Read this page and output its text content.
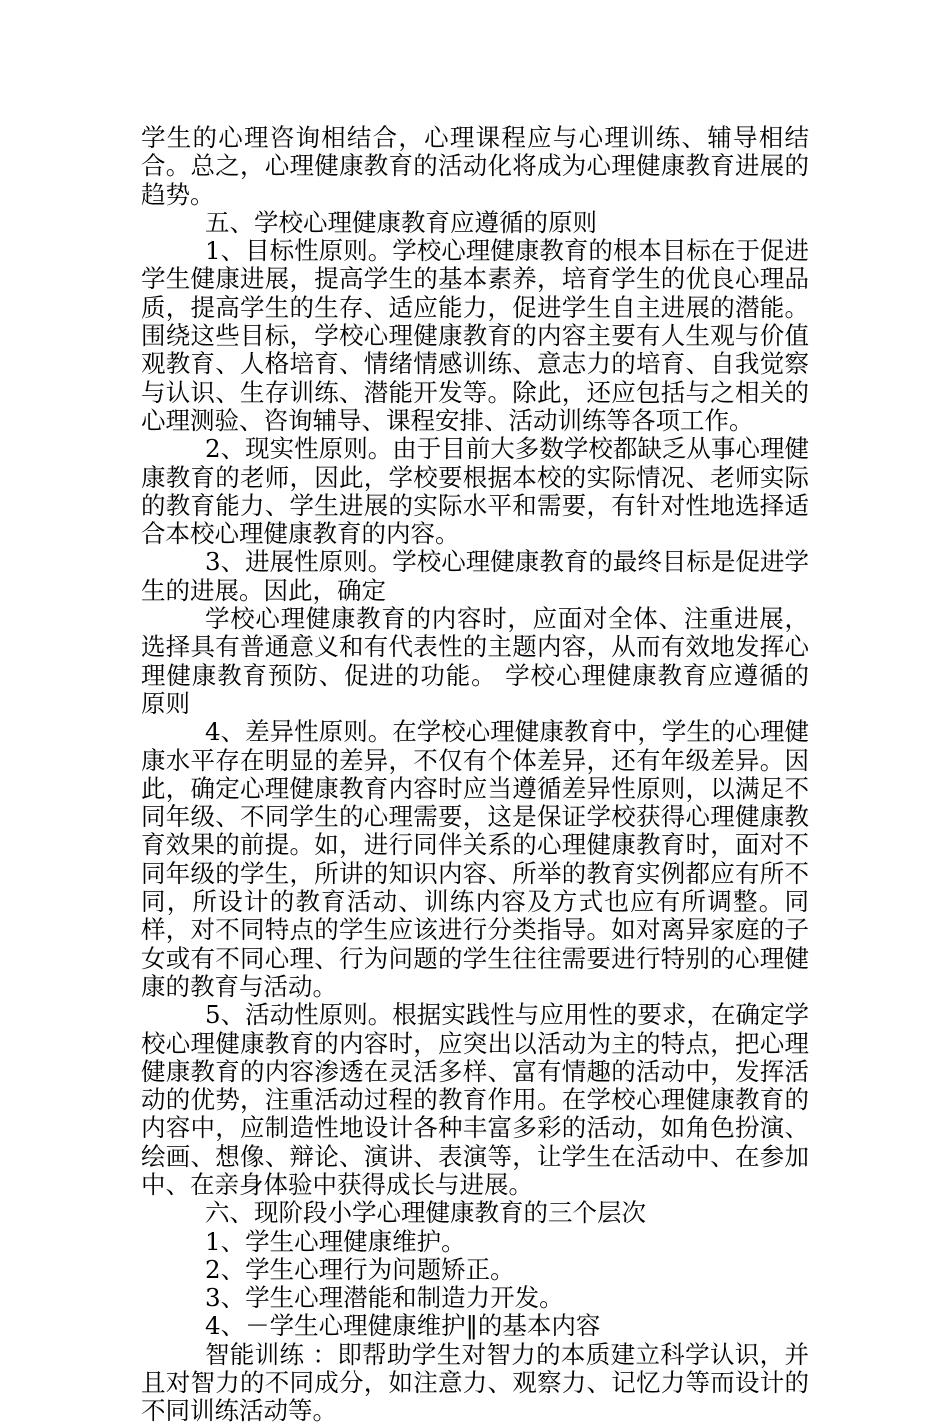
学生的心理咨询相结合，心理课程应与心理训练、辅导相结合。总之，心理健康教育的活动化将成为心理健康教育进展的趋势。

五、学校心理健康教育应遵循的原则

1、目标性原则。学校心理健康教育的根本目标在于促进学生健康进展，提高学生的基本素养，培育学生的优良心理品质，提高学生的生存、适应能力，促进学生自主进展的潜能。围绕这些目标，学校心理健康教育的内容主要有人生观与价值观教育、人格培育、情绪情感训练、意志力的培育、自我觉察与认识、生存训练、潜能开发等。除此，还应包括与之相关的心理测验、咨询辅导、课程安排、活动训练等各项工作。

2、现实性原则。由于目前大多数学校都缺乏从事心理健康教育的老师，因此，学校要根据本校的实际情况、老师实际的教育能力、学生进展的实际水平和需要，有针对性地选择适合本校心理健康教育的内容。

3、进展性原则。学校心理健康教育的最终目标是促进学生的进展。因此，确定

学校心理健康教育的内容时，应面对全体、注重进展，选择具有普通意义和有代表性的主题内容，从而有效地发挥心理健康教育预防、促进的功能。 学校心理健康教育应遵循的原则

4、差异性原则。在学校心理健康教育中，学生的心理健康水平存在明显的差异，不仅有个体差异，还有年级差异。因此，确定心理健康教育内容时应当遵循差异性原则，以满足不同年级、不同学生的心理需要，这是保证学校获得心理健康教育效果的前提。如，进行同伴关系的心理健康教育时，面对不同年级的学生，所讲的知识内容、所举的教育实例都应有所不同，所设计的教育活动、训练内容及方式也应有所调整。同样，对不同特点的学生应该进行分类指导。如对离异家庭的子女或有不同心理、行为问题的学生往往需要进行特别的心理健康的教育与活动。

5、活动性原则。根据实践性与应用性的要求，在确定学校心理健康教育的内容时，应突出以活动为主的特点，把心理健康教育的内容渗透在灵活多样、富有情趣的活动中，发挥活动的优势，注重活动过程的教育作用。在学校心理健康教育的内容中，应制造性地设计各种丰富多彩的活动，如角色扮演、绘画、想像、辩论、演讲、表演等，让学生在活动中、在参加中、在亲身体验中获得成长与进展。

六、现阶段小学心理健康教育的三个层次

1、学生心理健康维护。

2、学生心理行为问题矫正。

3、学生心理潜能和制造力开发。

4、－学生心理健康维护‖的基本内容

智能训练 ：即帮助学生对智力的本质建立科学认识，并且对智力的不同成分，如注意力、观察力、记忆力等而设计的不同训练活动等。
